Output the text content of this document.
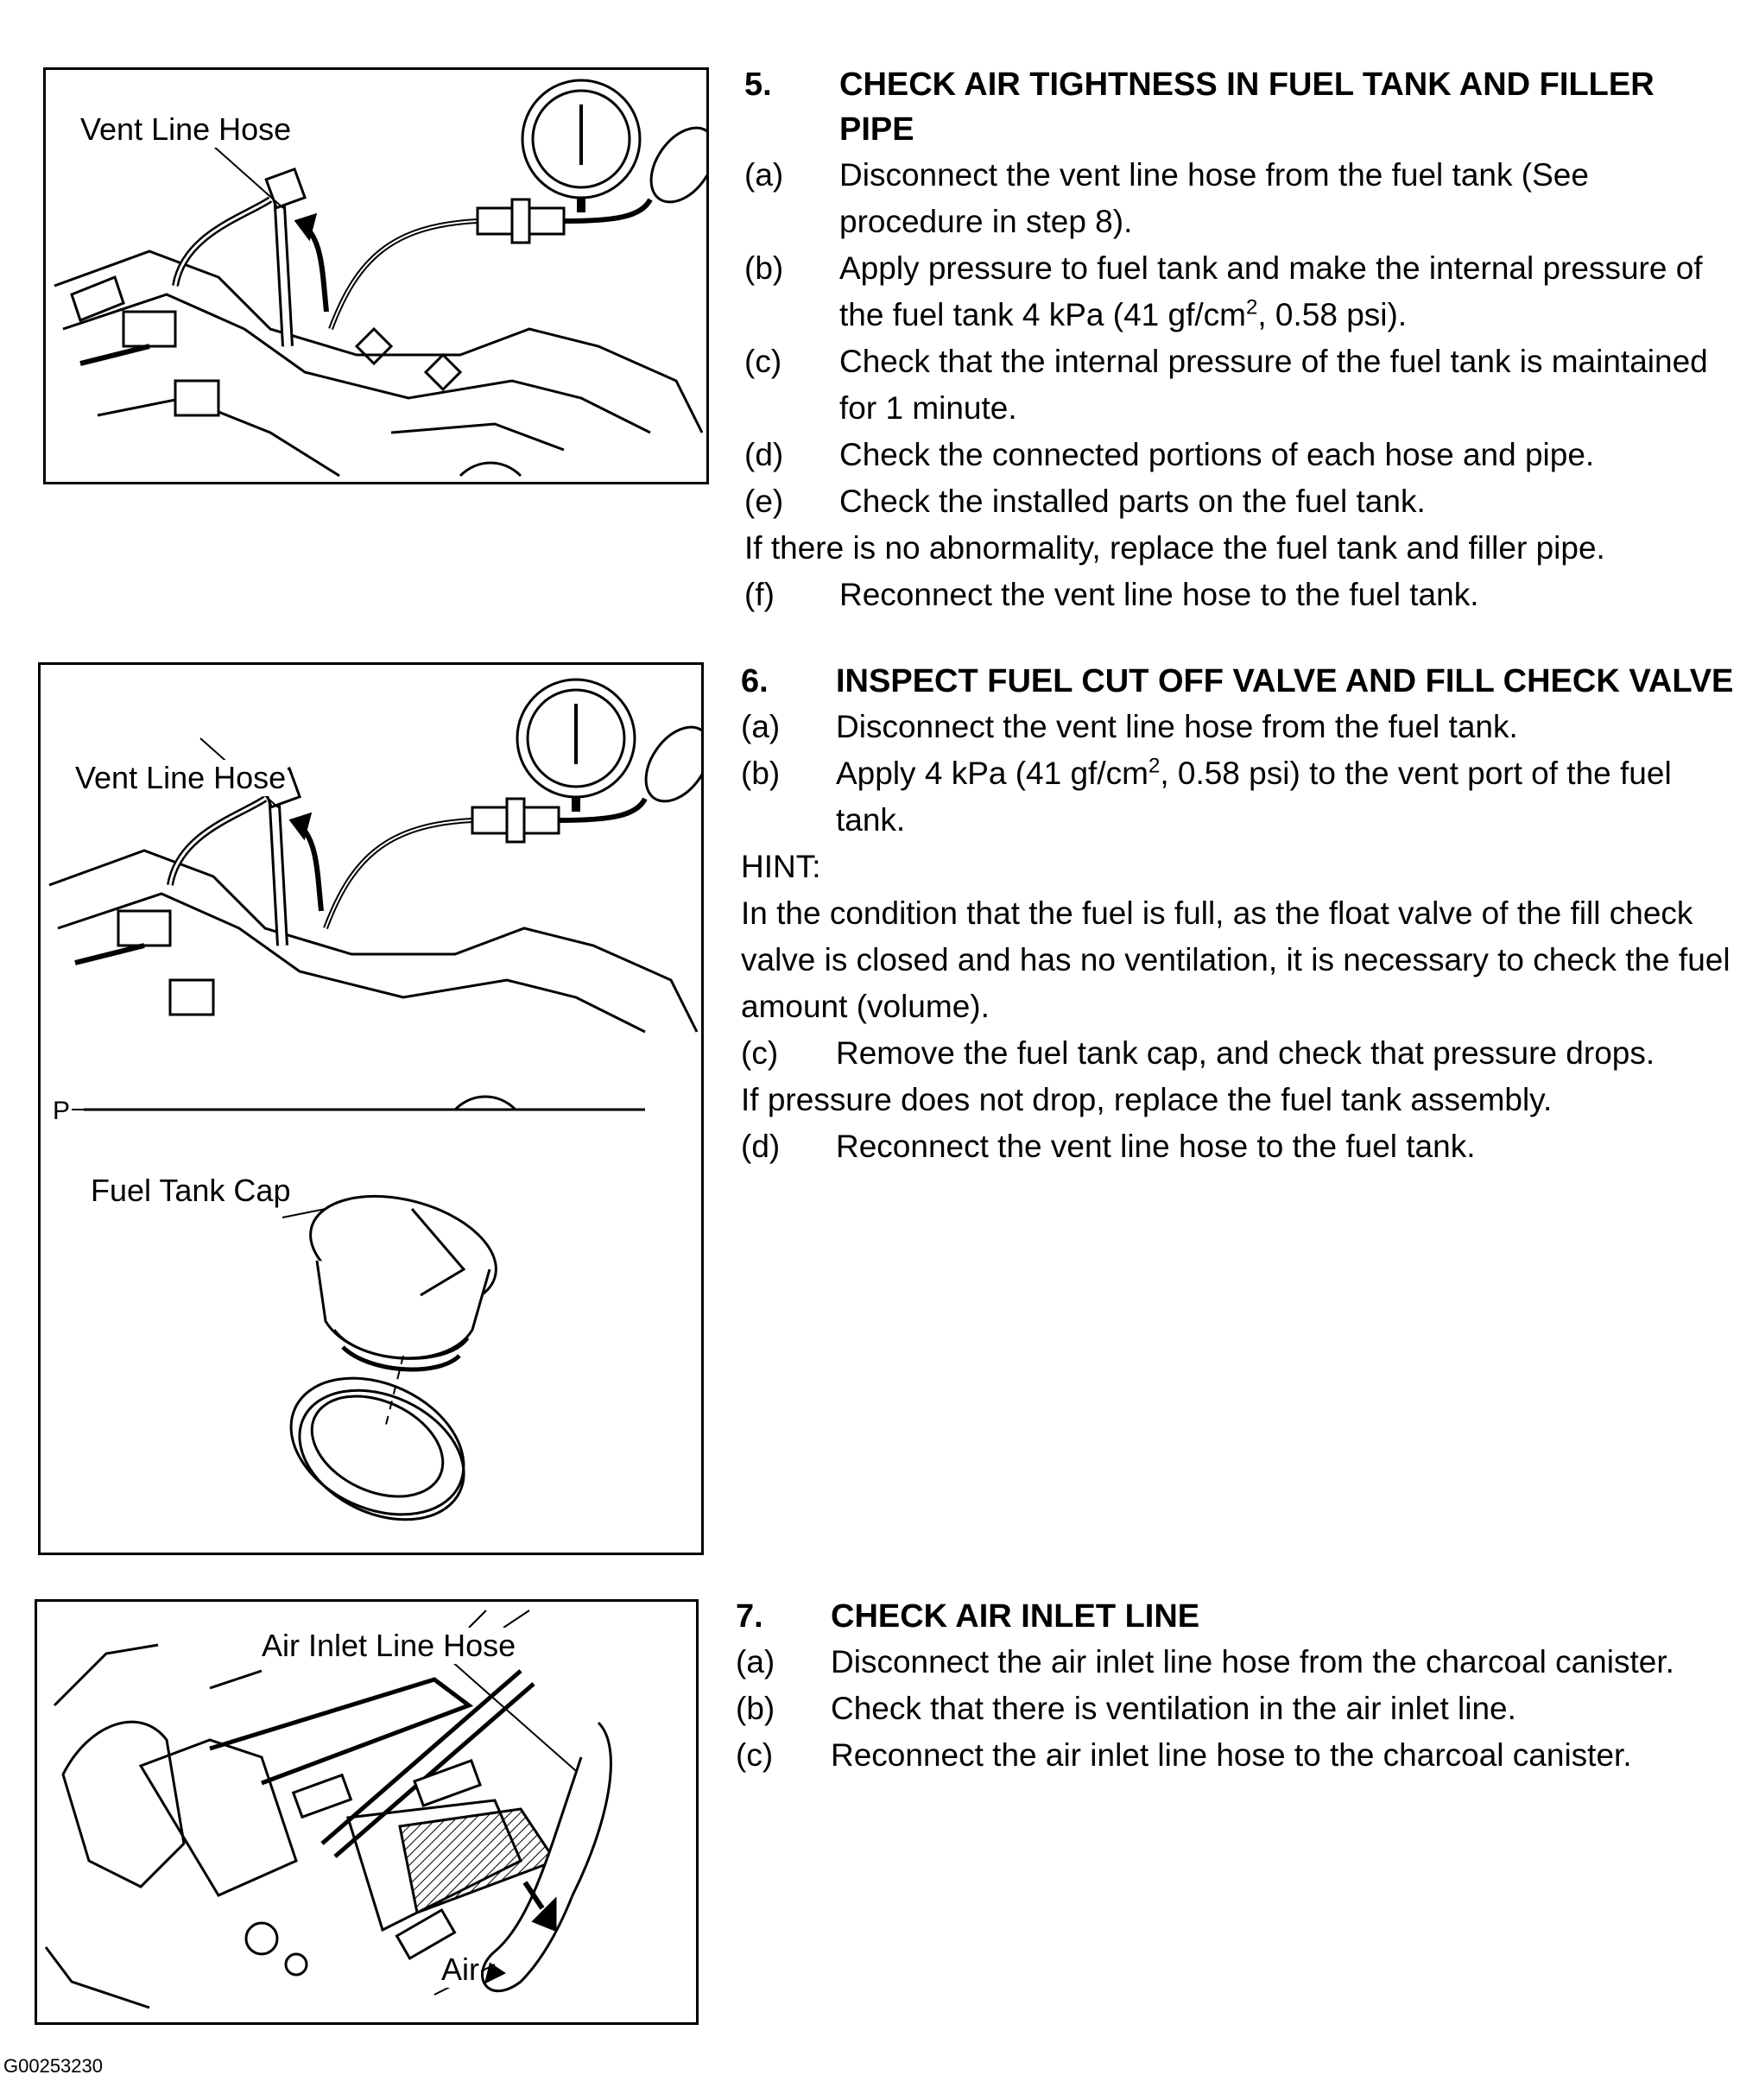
Vent Line Hose
Vent Line Hose
P
Fuel Tank Cap
Air Inlet Line Hose
Air
G00253230
5.	CHECK AIR TIGHTNESS IN FUEL TANK AND FILLER PIPE
(a)	Disconnect the vent line hose from the fuel tank (See procedure in step 8).
(b)	Apply pressure to fuel tank and make the internal pressure of the fuel tank 4 kPa (41 $gf/cm^2$, 0.58 psi).
(c)	Check that the internal pressure of the fuel tank is maintained for 1 minute.
(d)	Check the connected portions of each hose and pipe.
(e)	Check the installed parts on the fuel tank.
If there is no abnormality, replace the fuel tank and filler pipe.
(f)	Reconnect the vent line hose to the fuel tank.
6.	INSPECT FUEL CUT OFF VALVE AND FILL CHECK VALVE
(a)	Disconnect the vent line hose from the fuel tank.
(b)	Apply 4 kPa (41 $gf/cm^2$, 0.58 psi) to the vent port of the fuel tank.
HINT:
In the condition that the fuel is full, as the float valve of the fill check valve is closed and has no ventilation, it is necessary to check the fuel amount (volume).
(c)	Remove the fuel tank cap, and check that pressure drops.
If pressure does not drop, replace the fuel tank assembly.
(d)	Reconnect the vent line hose to the fuel tank.
7.	CHECK AIR INLET LINE
(a)	Disconnect the air inlet line hose from the charcoal canister.
(b)	Check that there is ventilation in the air inlet line.
(c)	Reconnect the air inlet line hose to the charcoal canister.
